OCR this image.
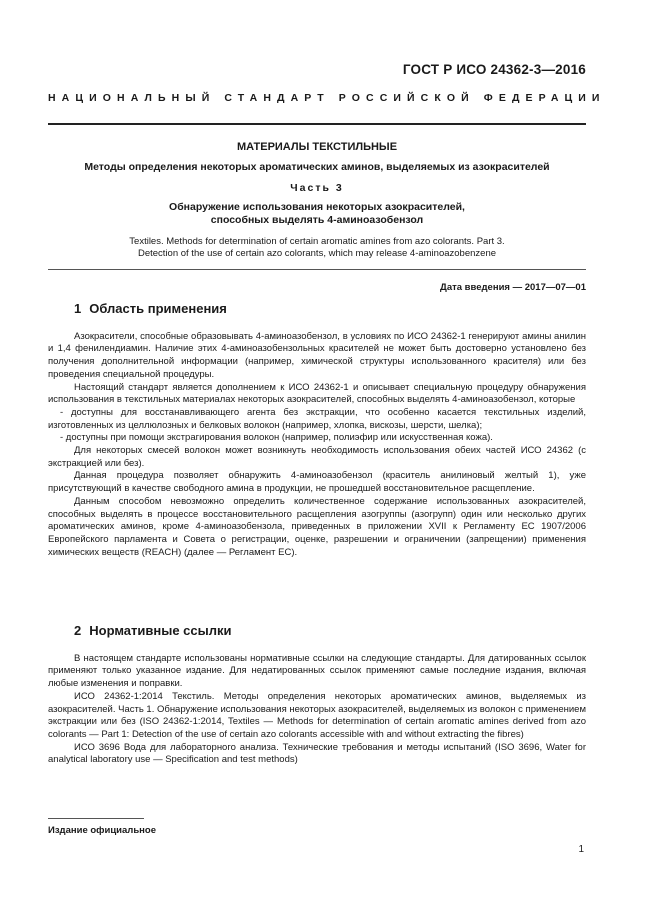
ГОСТ Р ИСО 24362-3—2016
НАЦИОНАЛЬНЫЙ СТАНДАРТ РОССИЙСКОЙ ФЕДЕРАЦИИ
МАТЕРИАЛЫ ТЕКСТИЛЬНЫЕ
Методы определения некоторых ароматических аминов, выделяемых из азокрасителей
Часть 3
Обнаружение использования некоторых азокрасителей,
способных выделять 4-аминоазобензол
Textiles. Methods for determination of certain aromatic amines from azo colorants. Part 3.
Detection of the use of certain azo colorants, which may release 4-aminoazobenzene
Дата введения — 2017—07—01
1 Область применения

Азокрасители, способные образовывать 4-аминоазобензол, в условиях по ИСО 24362-1 генерируют амины анилин и 1,4 фенилендиамин. Наличие этих 4-аминоазобензольных красителей не может быть достоверно установлено без получения дополнительной информации (например, химической структуры использованного красителя) или без проведения специальной процедуры.

Настоящий стандарт является дополнением к ИСО 24362-1 и описывает специальную процедуру обнаружения использования в текстильных материалах некоторых азокрасителей, способных выделять 4-аминоазобензол, которые

- доступны для восстанавливающего агента без экстракции, что особенно касается текстильных изделий, изготовленных из целлюлозных и белковых волокон (например, хлопка, вискозы, шерсти, шелка);

- доступны при помощи экстрагирования волокон (например, полиэфир или искусственная кожа).

Для некоторых смесей волокон может возникнуть необходимость использования обеих частей ИСО 24362 (с экстракцией или без).

Данная процедура позволяет обнаружить 4-аминоазобензол (краситель анилиновый желтый 1), уже присутствующий в качестве свободного амина в продукции, не прошедшей восстановительное расщепление.

Данным способом невозможно определить количественное содержание использованных азокрасителей, способных выделять в процессе восстановительного расщепления азогруппы (азогрупп) один или несколько других ароматических аминов, кроме 4-аминоазобензола, приведенных в приложении XVII к Регламенту ЕС 1907/2006 Европейского парламента и Совета о регистрации, оценке, разрешении и ограничении (запрещении) применения химических веществ (REACH) (далее — Регламент ЕС).

2 Нормативные ссылки

В настоящем стандарте использованы нормативные ссылки на следующие стандарты. Для датированных ссылок применяют только указанное издание. Для недатированных ссылок применяют самые последние издания, включая любые изменения и поправки.

ИСО 24362-1:2014 Текстиль. Методы определения некоторых ароматических аминов, выделяемых из азокрасителей. Часть 1. Обнаружение использования некоторых азокрасителей, выделяемых из волокон с применением экстракции или без (ISO 24362-1:2014, Textiles — Methods for determination of certain aromatic amines derived from azo colorants — Part 1: Detection of the use of certain azo colorants accessible with and without extracting the fibres)

ИСО 3696 Вода для лабораторного анализа. Технические требования и методы испытаний (ISO 3696, Water for analytical laboratory use — Specification and test methods)

Издание официальное
1
